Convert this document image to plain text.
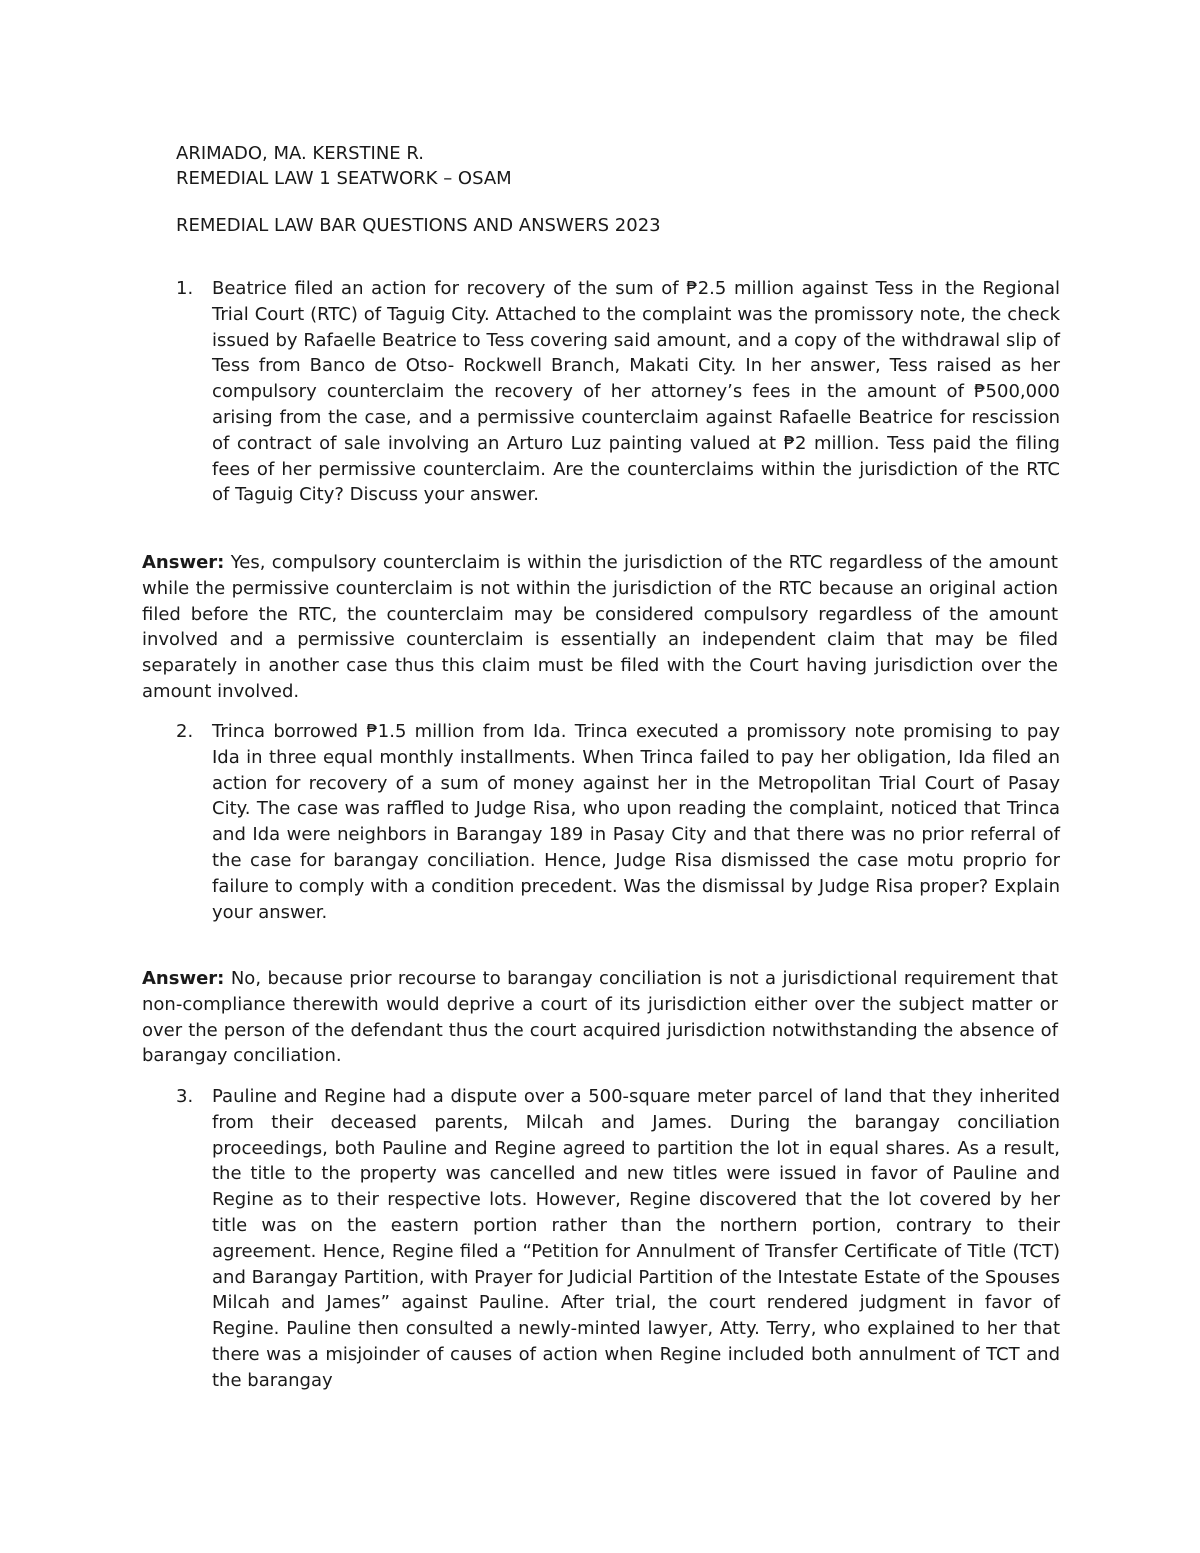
ARIMADO, MA. KERSTINE R.
REMEDIAL LAW 1 SEATWORK – OSAM
REMEDIAL LAW BAR QUESTIONS AND ANSWERS 2023
1. Beatrice filed an action for recovery of the sum of ₱2.5 million against Tess in the Regional Trial Court (RTC) of Taguig City. Attached to the complaint was the promissory note, the check issued by Rafaelle Beatrice to Tess covering said amount, and a copy of the withdrawal slip of Tess from Banco de Otso- Rockwell Branch, Makati City. In her answer, Tess raised as her compulsory counterclaim the recovery of her attorney’s fees in the amount of ₱500,000 arising from the case, and a permissive counterclaim against Rafaelle Beatrice for rescission of contract of sale involving an Arturo Luz painting valued at ₱2 million. Tess paid the filing fees of her permissive counterclaim. Are the counterclaims within the jurisdiction of the RTC of Taguig City? Discuss your answer.
Answer: Yes, compulsory counterclaim is within the jurisdiction of the RTC regardless of the amount while the permissive counterclaim is not within the jurisdiction of the RTC because an original action filed before the RTC, the counterclaim may be considered compulsory regardless of the amount involved and a permissive counterclaim is essentially an independent claim that may be filed separately in another case thus this claim must be filed with the Court having jurisdiction over the amount involved.
2. Trinca borrowed ₱1.5 million from Ida. Trinca executed a promissory note promising to pay Ida in three equal monthly installments. When Trinca failed to pay her obligation, Ida filed an action for recovery of a sum of money against her in the Metropolitan Trial Court of Pasay City. The case was raffled to Judge Risa, who upon reading the complaint, noticed that Trinca and Ida were neighbors in Barangay 189 in Pasay City and that there was no prior referral of the case for barangay conciliation. Hence, Judge Risa dismissed the case motu proprio for failure to comply with a condition precedent. Was the dismissal by Judge Risa proper? Explain your answer.
Answer: No, because prior recourse to barangay conciliation is not a jurisdictional requirement that non-compliance therewith would deprive a court of its jurisdiction either over the subject matter or over the person of the defendant thus the court acquired jurisdiction notwithstanding the absence of barangay conciliation.
3. Pauline and Regine had a dispute over a 500-square meter parcel of land that they inherited from their deceased parents, Milcah and James. During the barangay conciliation proceedings, both Pauline and Regine agreed to partition the lot in equal shares. As a result, the title to the property was cancelled and new titles were issued in favor of Pauline and Regine as to their respective lots. However, Regine discovered that the lot covered by her title was on the eastern portion rather than the northern portion, contrary to their agreement. Hence, Regine filed a “Petition for Annulment of Transfer Certificate of Title (TCT) and Barangay Partition, with Prayer for Judicial Partition of the Intestate Estate of the Spouses Milcah and James” against Pauline. After trial, the court rendered judgment in favor of Regine. Pauline then consulted a newly-minted lawyer, Atty. Terry, who explained to her that there was a misjoinder of causes of action when Regine included both annulment of TCT and the barangay
